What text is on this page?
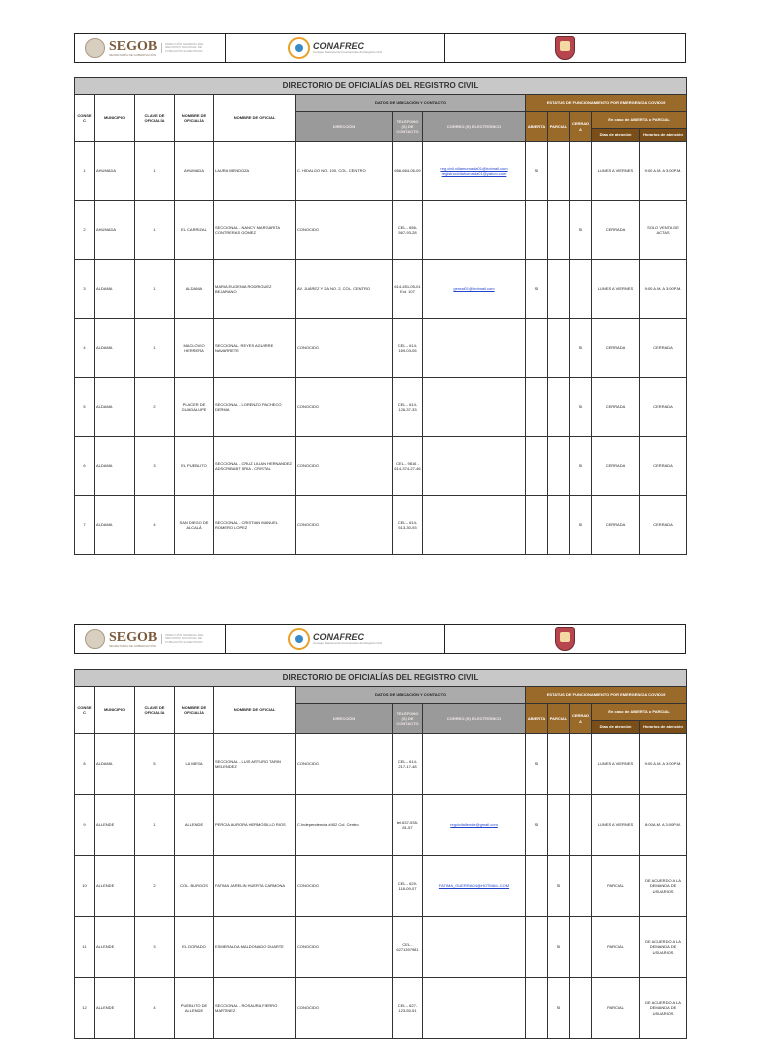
SEGOB
SECRETARÍA DE GOBERNACIÓN
DIRECCIÓN GENERAL DEL REGISTRO NACIONAL DE POBLACIÓN E IDENTIDAD
CONAFREC
Consejo Nacional de Funcionarios del Registro Civil
DIRECTORIO DE OFICIALÍAS DEL REGISTRO CIVIL												
CONSEC	MUNICIPIO	CLAVE DE OFICIALÍA	NOMBRE DE OFICIALÍA	NOMBRE DE OFICIAL	DATOS DE UBICACIÓN Y CONTACTO			ESTATUS DE FUNCIONAMIENTO POR EMERGENCIA COVID19				
					DIRECCIÓN	TELÉFONO (S) DE CONTACTO	CORREO (S) ELECTRÓNICO	ABIERTA	PARCIAL	CERRADA	En caso de ABIERTA o PARCIAL	
											Días de atención	Horarios de atención
1	AHUMADA	1	AHUMADA	LAURA MENDOZA	C. HIDALGO NO. 100, COL. CENTRO	656-664-06-09	reg.civil.villamumada01@hotmail.com registrocivilahumada01@yahoo.com	SI			LUNES A VIERNES	9:00 A.M. A 3:00P.M.
2	AHUMADA	1	EL CARRIZAL	SECCIONAL - NANCY MARGARITA CONTRERAS GÓMEZ	CONOCIDO	CEL.- 656-567-93-28				SI	CERRADA	SOLO VENTA DE ACTAS
3	ALDAMA	1	ALDAMA	MARIA EUGENIA RODRIGUEZ BEJARANO	AV. JUÁREZ Y 2A NO. 2, COL. CENTRO	614-451-05-01 Ext. 107	genral01@hotmail.com	SI			LUNES A VIERNES	9:00 A.M. A 3:00P.M.
4	ALDAMA	1	MACLOVIO HERRERA	SECCIONAL- REYES AGUIRRE NAVARRETE	CONOCIDO	CEL.- 614-169-03-05				SI	CERRADA	CERRADA
5	ALDAMA	2	PLACER DE GUADALUPE	SECCIONAL - LORENZO PACHECO DERMA	CONOCIDO	CEL.- 614-126-37-33				SI	CERRADA	CERRADA
6	ALDAMA	3	EL PUEBLITO	SECCIONAL - CRUZ LILIAN HERNANDEZ ADSCRIBABT SRIA - CRISTAL	CONOCIDO	CEL.- 9816 - 614-374-27-46				SI	CERRADA	CERRADA
7	ALDAMA	4	SAN DIEGO DE ALCALÁ	SECCIONAL - CRISTIAN MANUEL ROMERO LOPEZ	CONOCIDO	CEL.- 614-513-30-93				SI	CERRADA	CERRADA
SEGOB
SECRETARÍA DE GOBERNACIÓN
DIRECCIÓN GENERAL DEL REGISTRO NACIONAL DE POBLACIÓN E IDENTIDAD
CONAFREC
Consejo Nacional de Funcionarios del Registro Civil
DIRECTORIO DE OFICIALÍAS DEL REGISTRO CIVIL												
CONSEC	MUNICIPIO	CLAVE DE OFICIALÍA	NOMBRE DE OFICIALÍA	NOMBRE DE OFICIAL	DATOS DE UBICACIÓN Y CONTACTO			ESTATUS DE FUNCIONAMIENTO POR EMERGENCIA COVID19				
					DIRECCIÓN	TELÉFONO (S) DE CONTACTO	CORREO (S) ELECTRÓNICO	ABIERTA	PARCIAL	CERRADA	En caso de ABIERTA o PARCIAL	
											Días de atención	Horarios de atención
8	ALDAMA	5	LA MESA	SECCIONAL - LUIS ARTURO TARIN MELENDEZ	CONOCIDO	CEL.- 614-217-17-48		SI			LUNES A VIERNES	9:00 A.M. A 3:00P.M.
9	ALLENDE	1	ALLENDE	PERCIA AURORA HERMOSILLO RIOS	C.Independencia #402 Col. Centro	tel.637-535-81-57	regcivilallende@gmail.com	SI			LUNES A VIERNES	8:00A.M. A 3:00P.M.
10	ALLENDE	2	COL. BURGOS	FATIMA JARELIN HUERTA CARMONA	CONOCIDO	CEL.- 629-118-09-07	FATIMA_GUERRA04@HOTMAIL.COM		SI		PARCIAL	DE ACUERDO A LA DEMANDA DE USUARIOS
11	ALLENDE	3	EL DORADO	ESMERALDA MALDONADO DUARTE	CONOCIDO	CEL.- 6271397981			SI		PARCIAL	DE ACUERDO A LA DEMANDA DE USUARIOS
12	ALLENDE	4	PUEBLITO DE ALLENDE	SECCIONAL - ROSAURA FIERRO MARTINEZ	CONOCIDO	CEL.- 627-123-50-51			SI		PARCIAL	DE ACUERDO A LA DEMANDA DE USUARIOS
